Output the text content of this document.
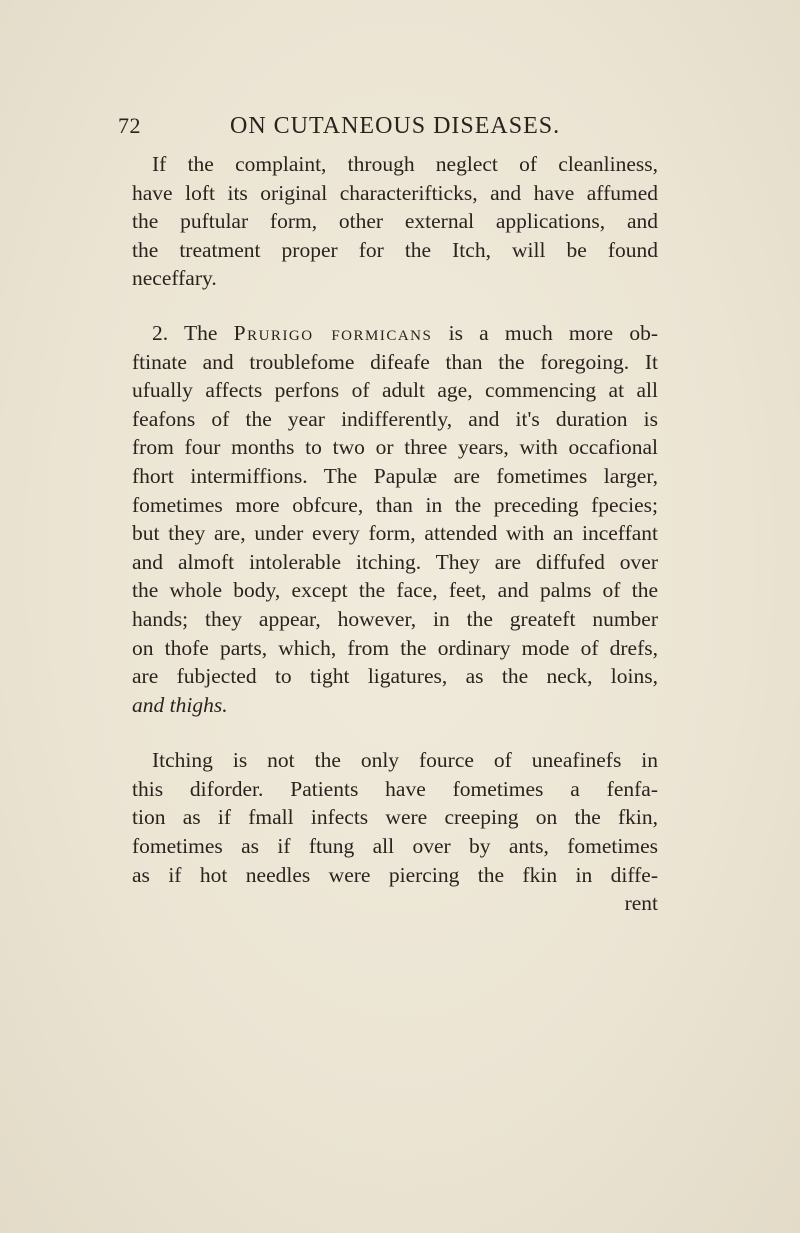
72	ON CUTANEOUS DISEASES.
If the complaint, through neglect of cleanliness,
have loft its original characterifticks, and have affumed
the puftular form, other external applications, and
the treatment proper for the Itch, will be found
neceffary.
2. The Prurigo formicans is a much more ob-
ftinate and troublefome difeafe than the foregoing. It
ufually affects perfons of adult age, commencing at all
feafons of the year indifferently, and it's duration is
from four months to two or three years, with occafional
fhort intermiffions. The Papulæ are fometimes larger,
fometimes more obfcure, than in the preceding fpecies;
but they are, under every form, attended with an inceffant
and almoft intolerable itching. They are diffufed over
the whole body, except the face, feet, and palms of the
hands; they appear, however, in the greateft number
on thofe parts, which, from the ordinary mode of drefs,
are fubjected to tight ligatures, as the neck, loins,
and thighs.
Itching is not the only fource of uneafinefs in
this diforder. Patients have fometimes a fenfa-
tion as if fmall infects were creeping on the fkin,
fometimes as if ftung all over by ants, fometimes
as if hot needles were piercing the fkin in diffe-
rent
